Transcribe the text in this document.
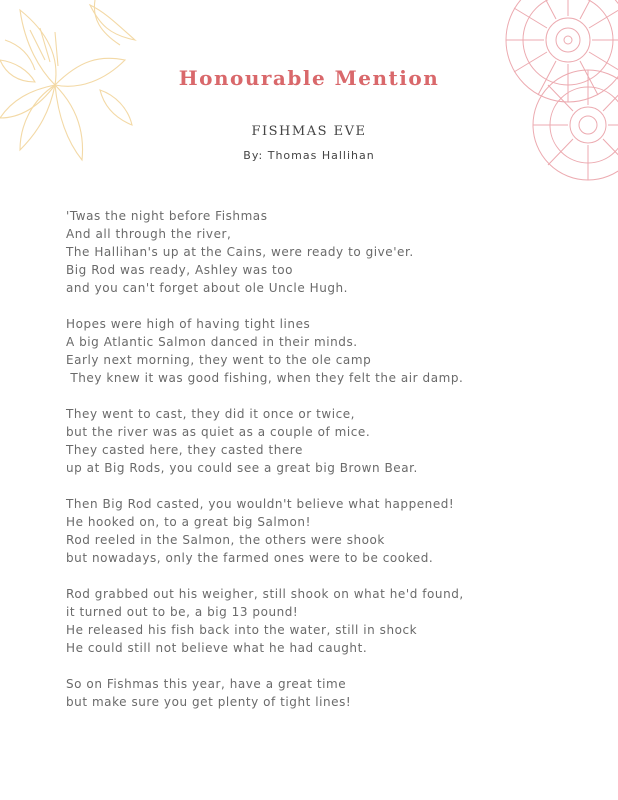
Honourable Mention
FISHMAS EVE
By: Thomas Hallihan
'Twas the night before Fishmas
And all through the river,
The Hallihan's up at the Cains, were ready to give'er.
Big Rod was ready, Ashley was too
and you can't forget about ole Uncle Hugh.
Hopes were high of having tight lines
A big Atlantic Salmon danced in their minds.
Early next morning, they went to the ole camp
They knew it was good fishing, when they felt the air damp.
They went to cast, they did it once or twice,
but the river was as quiet as a couple of mice.
They casted here, they casted there
up at Big Rods, you could see a great big Brown Bear.
Then Big Rod casted, you wouldn't believe what happened!
He hooked on, to a great big Salmon!
Rod reeled in the Salmon, the others were shook
but nowadays, only the farmed ones were to be cooked.
Rod grabbed out his weigher, still shook on what he'd found,
it turned out to be, a big 13 pound!
He released his fish back into the water, still in shock
He could still not believe what he had caught.
So on Fishmas this year, have a great time
but make sure you get plenty of tight lines!
